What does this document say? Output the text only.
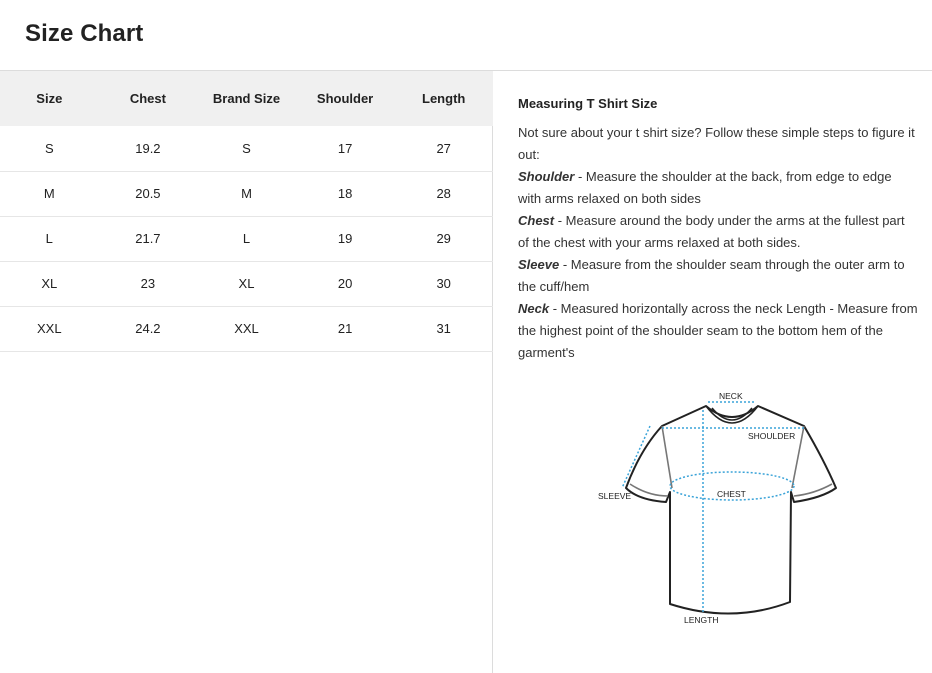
Size Chart
Size	Chest	Brand Size	Shoulder	Length
S	19.2	S	17	27
M	20.5	M	18	28
L	21.7	L	19	29
XL	23	XL	20	30
XXL	24.2	XXL	21	31
Measuring T Shirt Size

Not sure about your t shirt size? Follow these simple steps to figure it out:

Shoulder - Measure the shoulder at the back, from edge to edge with arms relaxed on both sides

Chest - Measure around the body under the arms at the fullest part of the chest with your arms relaxed at both sides.

Sleeve - Measure from the shoulder seam through the outer arm to the cuff/hem

Neck - Measured horizontally across the neck Length - Measure from the highest point of the shoulder seam to the bottom hem of the garment's

NECK
SHOULDER
SLEEVE	CHEST
LENGTH
